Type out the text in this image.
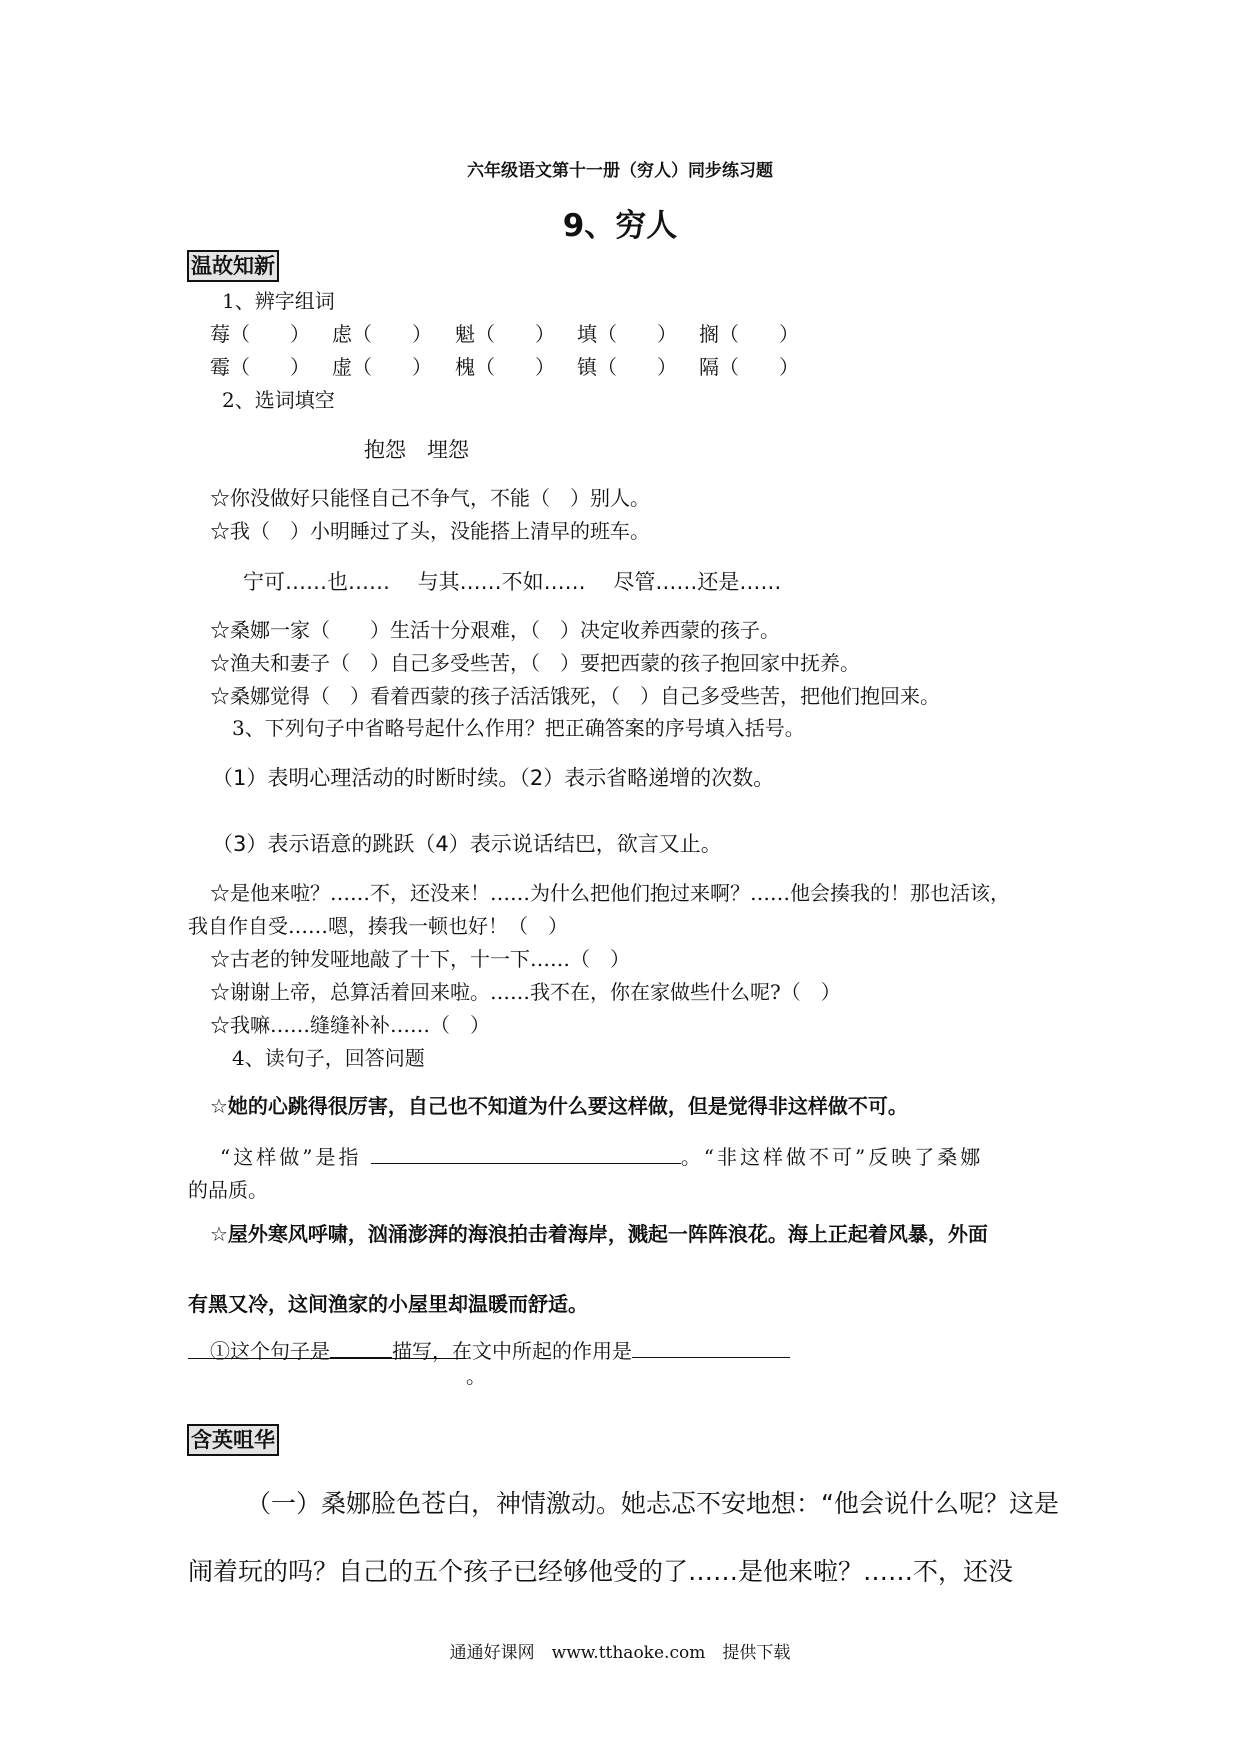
六年级语文第十一册（穷人）同步练习题
9、穷人
温故知新
1、辨字组词
莓（　　） 虑（　　） 魁（　　） 填（　　） 搁（　　）
霉（　　） 虚（　　） 槐（　　） 镇（　　） 隔（　　）
2、选词填空
抱怨　埋怨
☆你没做好只能怪自己不争气，不能（　）别人。
☆我（　）小明睡过了头，没能搭上清早的班车。
宁可……也……　 与其……不如……　 尽管……还是……
☆桑娜一家（　　）生活十分艰难，（　）决定收养西蒙的孩子。
☆渔夫和妻子（　）自己多受些苦，（　）要把西蒙的孩子抱回家中抚养。
☆桑娜觉得（　）看着西蒙的孩子活活饿死，（　）自己多受些苦，把他们抱回来。
3、下列句子中省略号起什么作用？把正确答案的序号填入括号。
（1）表明心理活动的时断时续。（2）表示省略递增的次数。
（3）表示语意的跳跃（4）表示说话结巴，欲言又止。
☆是他来啦？……不，还没来！……为什么把他们抱过来啊？……他会揍我的！那也活该，
我自作自受……嗯，揍我一顿也好！（　）
☆古老的钟发哑地敲了十下，十一下……（　）
☆谢谢上帝，总算活着回来啦。……我不在，你在家做些什么呢?（　）
☆我嘛……缝缝补补……（　）
4、读句子，回答问题
☆她的心跳得很厉害，自己也不知道为什么要这样做，但是觉得非这样做不可。
“这样做”是指	。“非这样做不可”反映了桑娜
的品质。
☆屋外寒风呼啸，汹涌澎湃的海浪拍击着海岸，溅起一阵阵浪花。海上正起着风暴，外面
有黑又冷，这间渔家的小屋里却温暖而舒适。
①这个句子是	描写，在文中所起的作用是
。
含英咀华
（一）桑娜脸色苍白，神情激动。她忐忑不安地想：“他会说什么呢？这是
闹着玩的吗？自己的五个孩子已经够他受的了……是他来啦？……不，还没
通通好课网　www.tthaoke.com　提供下载
